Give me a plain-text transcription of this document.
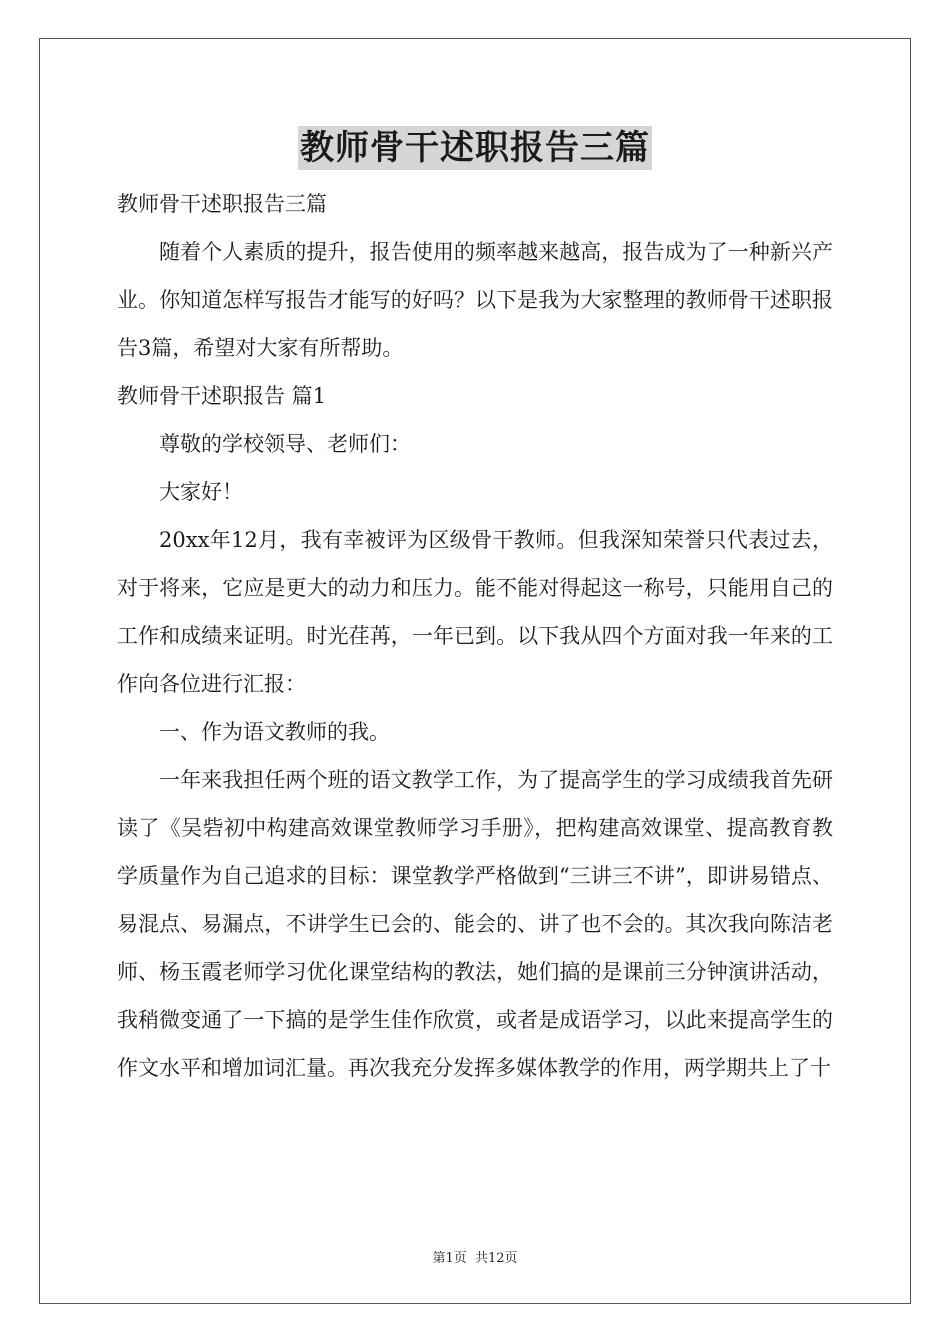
教师骨干述职报告三篇
教师骨干述职报告三篇

随着个人素质的提升，报告使用的频率越来越高，报告成为了一种新兴产业。你知道怎样写报告才能写的好吗？以下是我为大家整理的教师骨干述职报告3篇，希望对大家有所帮助。

教师骨干述职报告 篇1

尊敬的学校领导、老师们：

大家好！

20xx年12月，我有幸被评为区级骨干教师。但我深知荣誉只代表过去，对于将来，它应是更大的动力和压力。能不能对得起这一称号，只能用自己的工作和成绩来证明。时光荏苒，一年已到。以下我从四个方面对我一年来的工作向各位进行汇报：

一、作为语文教师的我。

一年来我担任两个班的语文教学工作，为了提高学生的学习成绩我首先研读了《吴砦初中构建高效课堂教师学习手册》，把构建高效课堂、提高教育教学质量作为自己追求的目标：课堂教学严格做到“三讲三不讲”，即讲易错点、易混点、易漏点，不讲学生已会的、能会的、讲了也不会的。其次我向陈洁老师、杨玉霞老师学习优化课堂结构的教法，她们搞的是课前三分钟演讲活动，我稍微变通了一下搞的是学生佳作欣赏，或者是成语学习，以此来提高学生的作文水平和增加词汇量。再次我充分发挥多媒体教学的作用，两学期共上了十

第1页 共12页
